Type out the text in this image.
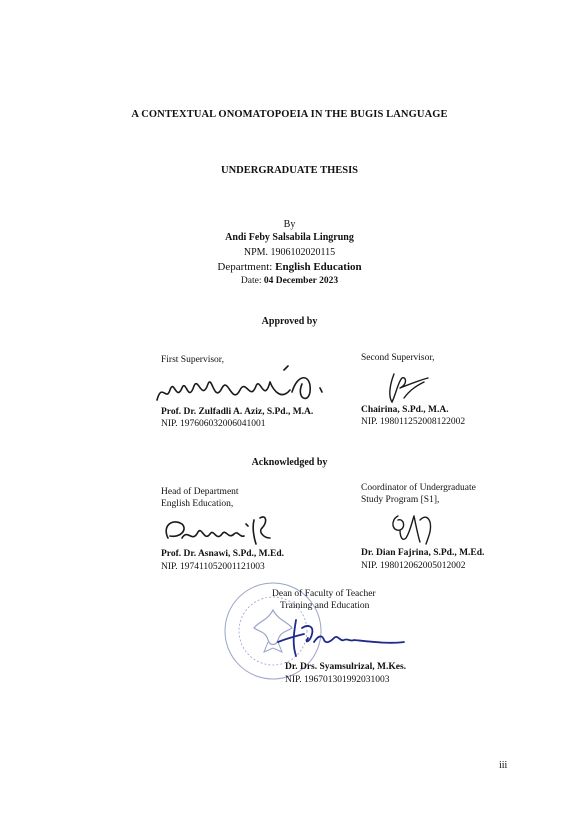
A CONTEXTUAL ONOMATOPOEIA IN THE BUGIS LANGUAGE
UNDERGRADUATE THESIS
By
Andi Feby Salsabila Lingrung
NPM. 1906102020115
Department: English Education
Date: 04 December 2023
Approved by
First Supervisor,
Prof. Dr. Zulfadli A. Aziz, S.Pd., M.A.
NIP. 197606032006041001
Second Supervisor,
Chairina, S.Pd., M.A.
NIP. 198011252008122002
Acknowledged by
Head of Department
English Education,
Prof. Dr. Asnawi, S.Pd., M.Ed.
NIP. 197411052001121003
Coordinator of Undergraduate
Study Program [S1],
Dr. Dian Fajrina, S.Pd., M.Ed.
NIP. 198012062005012002
Dean of Faculty of Teacher
Training and Education
Dr. Drs. Syamsulrizal, M.Kes.
NIP. 196701301992031003
iii
